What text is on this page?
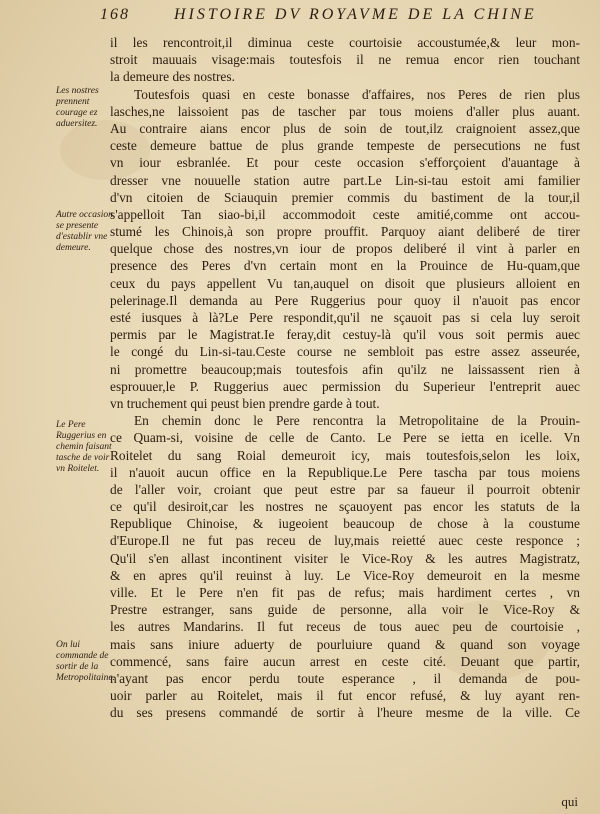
168	HISTOIRE DV ROYAVME DE LA CHINE
Les nostres prennent courage ez aduersitez.
Autre occasion se presente d'establir vne demeure.
Le Pere Ruggerius en chemin faisant tasche de voir vn Roitelet.
On lui commande de sortir de la Metropolitaine.
il les rencontroit,il diminua ceste courtoisie accoustumée,& leur mon-
stroit mauuais visage:mais toutesfois il ne remua encor rien touchant
la demeure des nostres.
Toutesfois quasi en ceste bonasse d'affaires, nos Peres de rien plus
lasches,ne laissoient pas de tascher par tous moiens d'aller plus auant.
Au contraire aians encor plus de soin de tout,ilz craignoient assez,que
ceste demeure battue de plus grande tempeste de persecutions ne fust
vn iour esbranlée. Et pour ceste occasion s'efforçoient d'auantage à
dresser vne nouuelle station autre part.Le Lin-si-tau estoit ami familier
d'vn citoien de Sciauquin premier commis du bastiment de la tour,il
s'appelloit Tan siao-bi,il accommodoit ceste amitié,comme ont accou-
stumé les Chinois,à son propre prouffit. Parquoy aiant deliberé de tirer
quelque chose des nostres,vn iour de propos deliberé il vint à parler en
presence des Peres d'vn certain mont en la Prouince de Hu-quam,que
ceux du pays appellent Vu tan,auquel on disoit que plusieurs alloient en
pelerinage.Il demanda au Pere Ruggerius pour quoy il n'auoit pas encor
esté iusques à là?Le Pere respondit,qu'il ne sçauoit pas si cela luy seroit
permis par le Magistrat.Ie feray,dit cestuy-là qu'il vous soit permis auec
le congé du Lin-si-tau.Ceste course ne sembloit pas estre assez asseurée,
ni promettre beaucoup;mais toutesfois afin qu'ilz ne laissassent rien à
esprouuer,le P. Ruggerius auec permission du Superieur l'entreprit auec
vn truchement qui peust bien prendre garde à tout.
En chemin donc le Pere rencontra la Metropolitaine de la Prouin-
ce Quam-si, voisine de celle de Canto. Le Pere se ietta en icelle. Vn
Roitelet du sang Roial demeuroit icy, mais toutesfois,selon les loix,
il n'auoit aucun office en la Republique.Le Pere tascha par tous moiens
de l'aller voir, croiant que peut estre par sa faueur il pourroit obtenir
ce qu'il desiroit,car les nostres ne sçauoyent pas encor les statuts de la
Republique Chinoise, & iugeoient beaucoup de chose à la coustume
d'Europe.Il ne fut pas receu de luy,mais reietté auec ceste responce ;
Qu'il s'en allast incontinent visiter le Vice-Roy & les autres Magistratz,
& en apres qu'il reuinst à luy. Le Vice-Roy demeuroit en la mesme
ville. Et le Pere n'en fit pas de refus; mais hardiment certes , vn
Prestre estranger, sans guide de personne, alla voir le Vice-Roy &
les autres Mandarins. Il fut receus de tous auec peu de courtoisie ,
mais sans iniure aduerty de pourluiure quand & quand son voyage
commencé, sans faire aucun arrest en ceste cité. Deuant que partir,
n'ayant pas encor perdu toute esperance , il demanda de pou-
uoir parler au Roitelet, mais il fut encor refusé, & luy ayant ren-
du ses presens commandé de sortir à l'heure mesme de la ville. Ce
qui
